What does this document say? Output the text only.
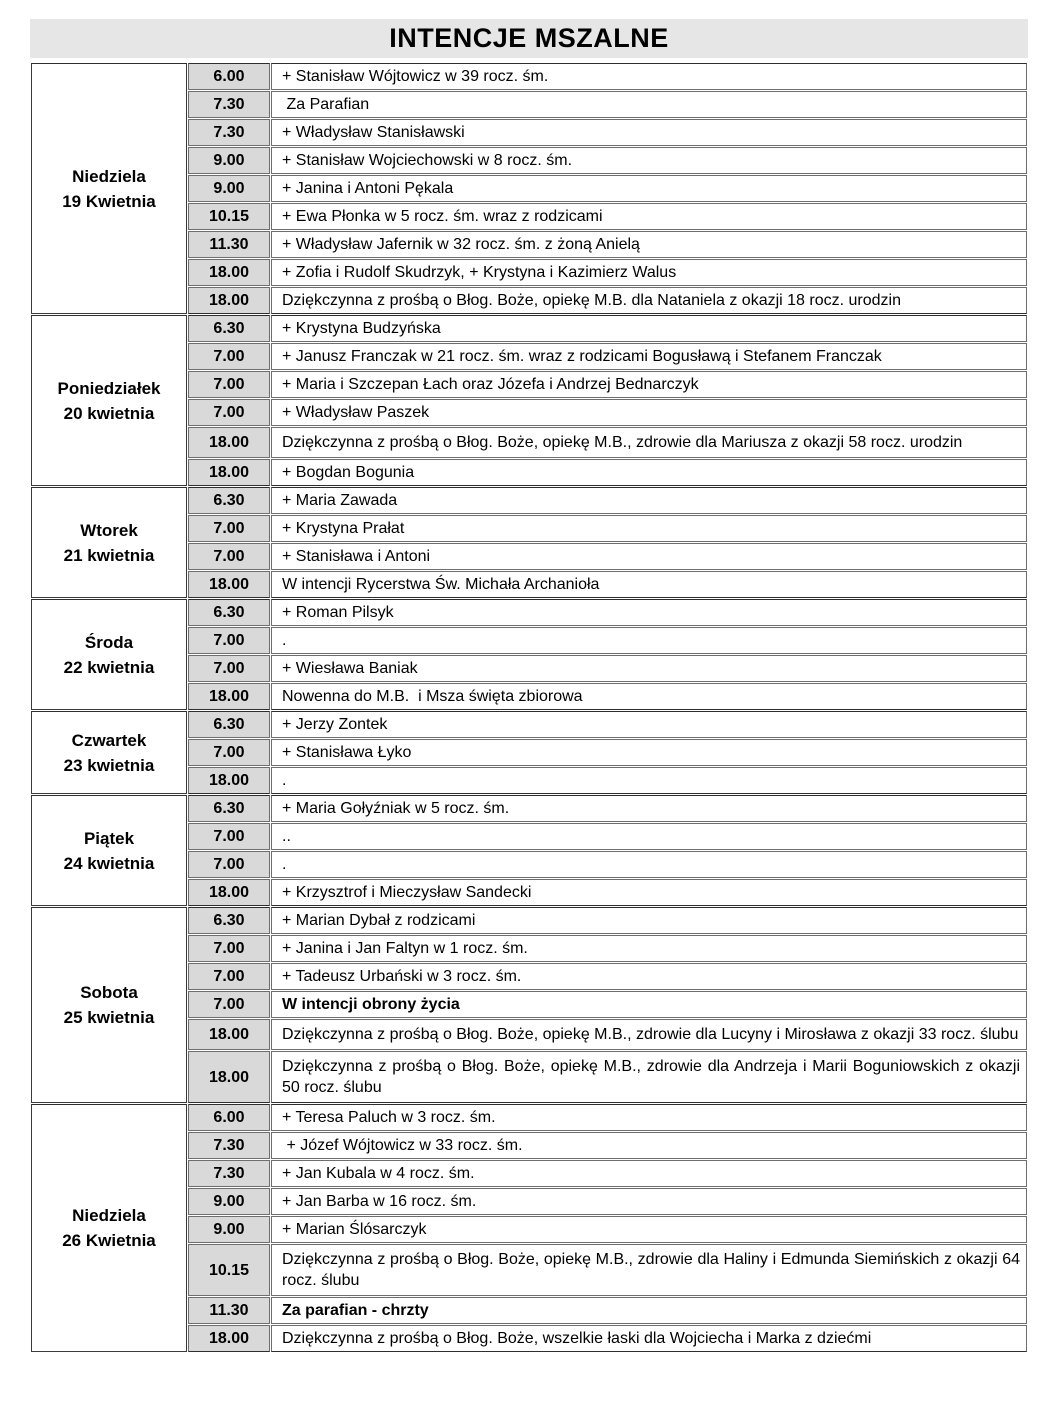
INTENCJE MSZALNE
Niedziela
19 Kwietnia	6.00	+ Stanisław Wójtowicz w 39 rocz. śm.
	7.30	Za Parafian
	7.30	+ Władysław Stanisławski
	9.00	+ Stanisław Wojciechowski w 8 rocz. śm.
	9.00	+ Janina i Antoni Pękala
	10.15	+ Ewa Płonka w 5 rocz. śm. wraz z rodzicami
	11.30	+ Władysław Jafernik w 32 rocz. śm. z żoną Anielą
	18.00	+ Zofia i Rudolf Skudrzyk, + Krystyna i Kazimierz Walus
	18.00	Dziękczynna z prośbą o Błog. Boże, opiekę M.B. dla Nataniela z okazji 18 rocz. urodzin

Poniedziałek
20 kwietnia	6.30	+ Krystyna Budzyńska
	7.00	+ Janusz Franczak w 21 rocz. śm. wraz z rodzicami Bogusławą i Stefanem Franczak
	7.00	+ Maria i Szczepan Łach oraz Józefa i Andrzej Bednarczyk
	7.00	+ Władysław Paszek
	18.00	Dziękczynna z prośbą o Błog. Boże, opiekę M.B., zdrowie dla Mariusza z okazji 58 rocz. urodzin
	18.00	+ Bogdan Bogunia

Wtorek
21 kwietnia	6.30	+ Maria Zawada
	7.00	+ Krystyna Prałat
	7.00	+ Stanisława i Antoni
	18.00	W intencji Rycerstwa Św. Michała Archanioła

Środa
22 kwietnia	6.30	+ Roman Pilsyk
	7.00	.
	7.00	+ Wiesława Baniak
	18.00	Nowenna do M.B.  i Msza święta zbiorowa

Czwartek
23 kwietnia	6.30	+ Jerzy Zontek
	7.00	+ Stanisława Łyko
	18.00	.

Piątek
24 kwietnia	6.30	+ Maria Gołyźniak w 5 rocz. śm.
	7.00	..
	7.00	.
	18.00	+ Krzysztrof i Mieczysław Sandecki

Sobota
25 kwietnia	6.30	+ Marian Dybał z rodzicami
	7.00	+ Janina i Jan Faltyn w 1 rocz. śm.
	7.00	+ Tadeusz Urbański w 3 rocz. śm.
	7.00	W intencji obrony życia
	18.00	Dziękczynna z prośbą o Błog. Boże, opiekę M.B., zdrowie dla Lucyny i Mirosława z okazji 33 rocz. ślubu
	18.00	Dziękczynna z prośbą o Błog. Boże, opiekę M.B., zdrowie dla Andrzeja i Marii Boguniowskich z okazji 50 rocz. ślubu

Niedziela
26 Kwietnia	6.00	+ Teresa Paluch w 3 rocz. śm.
	7.30	+ Józef Wójtowicz w 33 rocz. śm.
	7.30	+ Jan Kubala w 4 rocz. śm.
	9.00	+ Jan Barba w 16 rocz. śm.
	9.00	+ Marian Ślósarczyk
	10.15	Dziękczynna z prośbą o Błog. Boże, opiekę M.B., zdrowie dla Haliny i Edmunda Siemińskich z okazji 64 rocz. ślubu
	11.30	Za parafian - chrzty
	18.00	Dziękczynna z prośbą o Błog. Boże, wszelkie łaski dla Wojciecha i Marka z dziećmi
